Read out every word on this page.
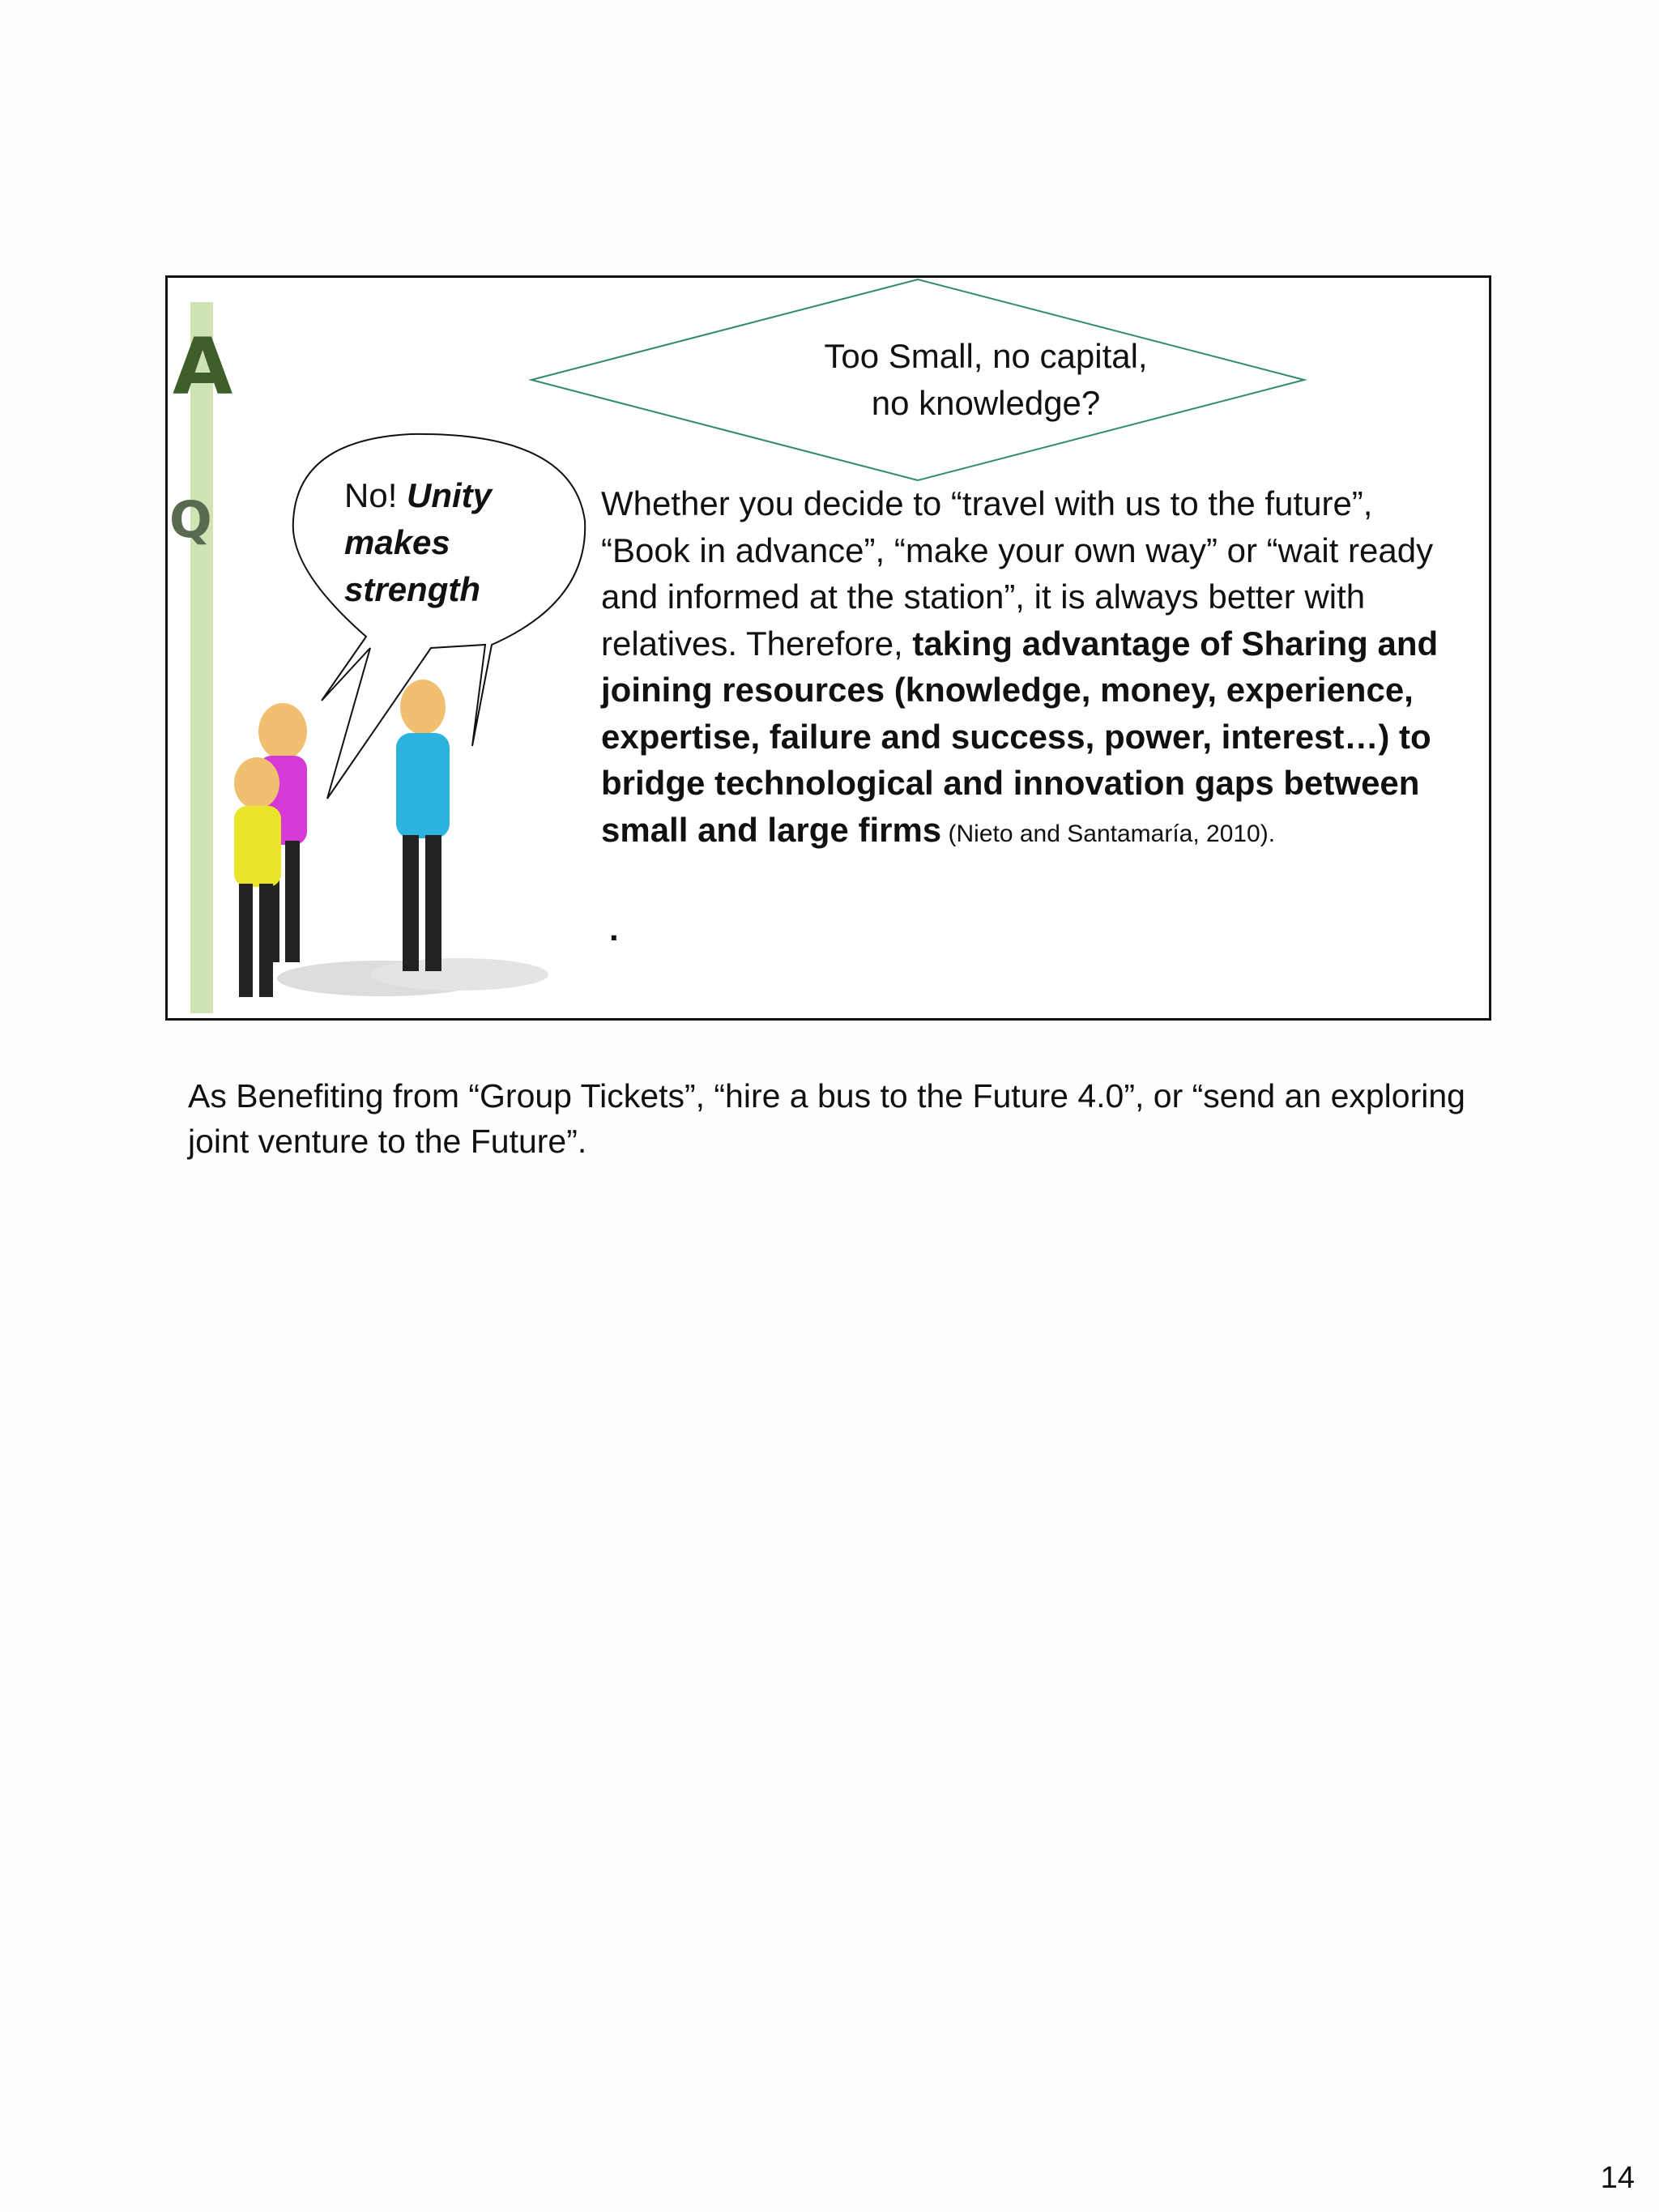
A
Q
Too Small, no capital,
no knowledge?
No! Unity
makes
strength
Whether you decide to “travel with us to the future”, “Book in advance”, “make your own way” or “wait ready and informed at the station”, it is always better with relatives. Therefore, taking advantage of Sharing and joining resources (knowledge, money, experience, expertise, failure and success, power, interest…) to bridge technological and innovation gaps between small and large firms (Nieto and Santamaría, 2010).
.
As Benefiting from “Group Tickets”, “hire a bus to the Future 4.0”, or “send an exploring joint venture to the Future”.
14
